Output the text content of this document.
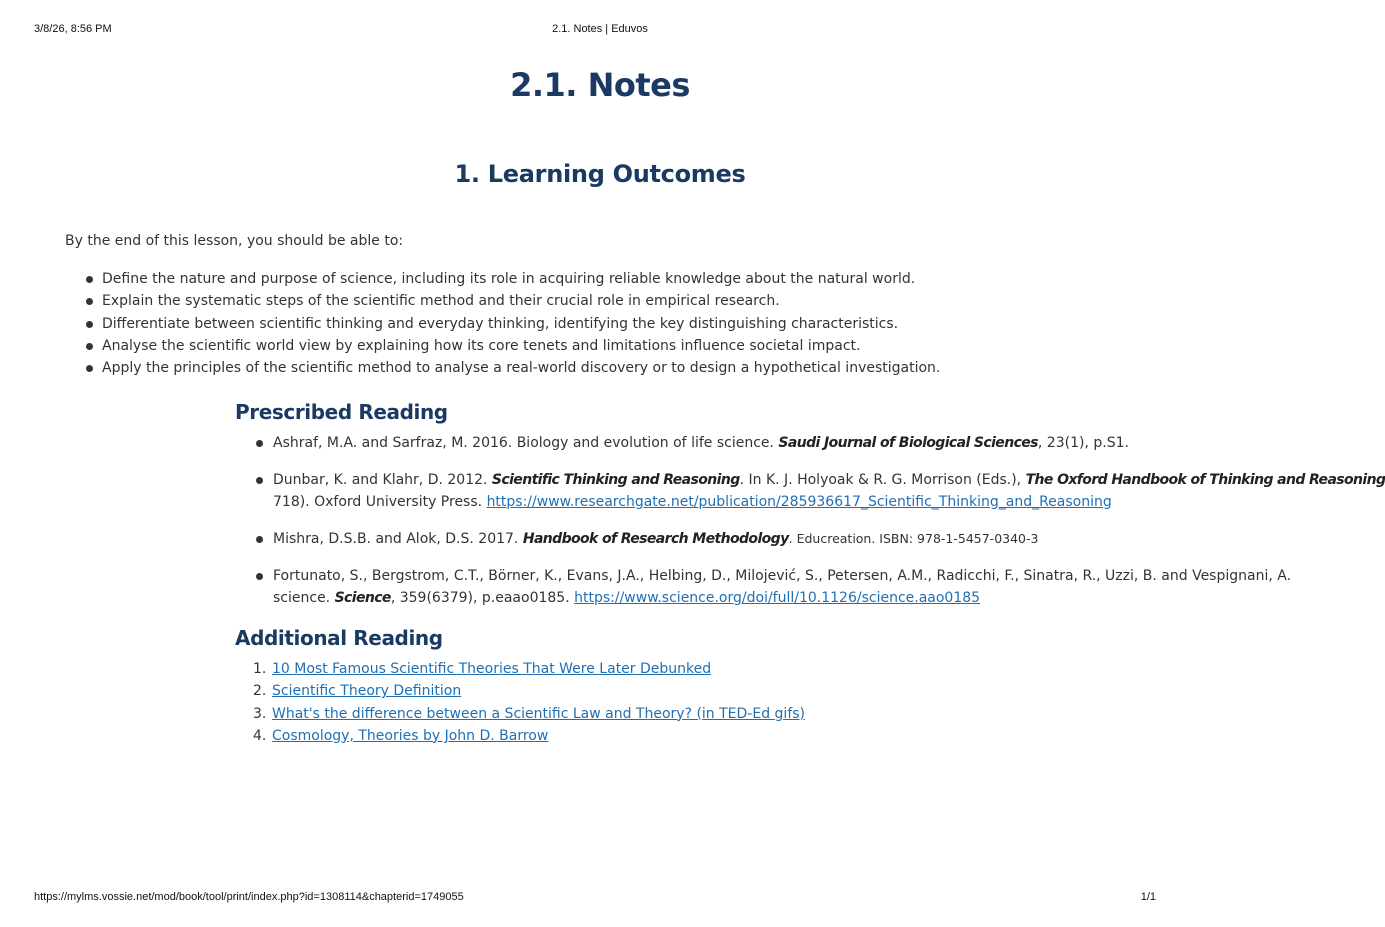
3/8/26, 8:56 PM	2.1. Notes | Eduvos
2.1. Notes
1. Learning Outcomes

By the end of this lesson, you should be able to:

Define the nature and purpose of science, including its role in acquiring reliable knowledge about the natural world.
Explain the systematic steps of the scientific method and their crucial role in empirical research.
Differentiate between scientific thinking and everyday thinking, identifying the key distinguishing characteristics.
Analyse the scientific world view by explaining how its core tenets and limitations influence societal impact.
Apply the principles of the scientific method to analyse a real-world discovery or to design a hypothetical investigation.
Prescribed Reading
Ashraf, M.A. and Sarfraz, M. 2016. Biology and evolution of life science. Saudi Journal of Biological Sciences, 23(1), p.S1.
Dunbar, K. and Klahr, D. 2012. Scientific Thinking and Reasoning. In K. J. Holyoak & R. G. Morrison (Eds.), The Oxford Handbook of Thinking and Reasoning
718). Oxford University Press. https://www.researchgate.net/publication/285936617_Scientific_Thinking_and_Reasoning
Mishra, D.S.B. and Alok, D.S. 2017. Handbook of Research Methodology. Educreation. ISBN: 978-1-5457-0340-3
Fortunato, S., Bergstrom, C.T., Börner, K., Evans, J.A., Helbing, D., Milojević, S., Petersen, A.M., Radicchi, F., Sinatra, R., Uzzi, B. and Vespignani, A.
science. Science, 359(6379), p.eaao0185. https://www.science.org/doi/full/10.1126/science.aao0185
Additional Reading
1. 10 Most Famous Scientific Theories That Were Later Debunked
2. Scientific Theory Definition
3. What's the difference between a Scientific Law and Theory? (in TED-Ed gifs)
4. Cosmology, Theories by John D. Barrow
https://mylms.vossie.net/mod/book/tool/print/index.php?id=1308114&chapterid=1749055	1/1
